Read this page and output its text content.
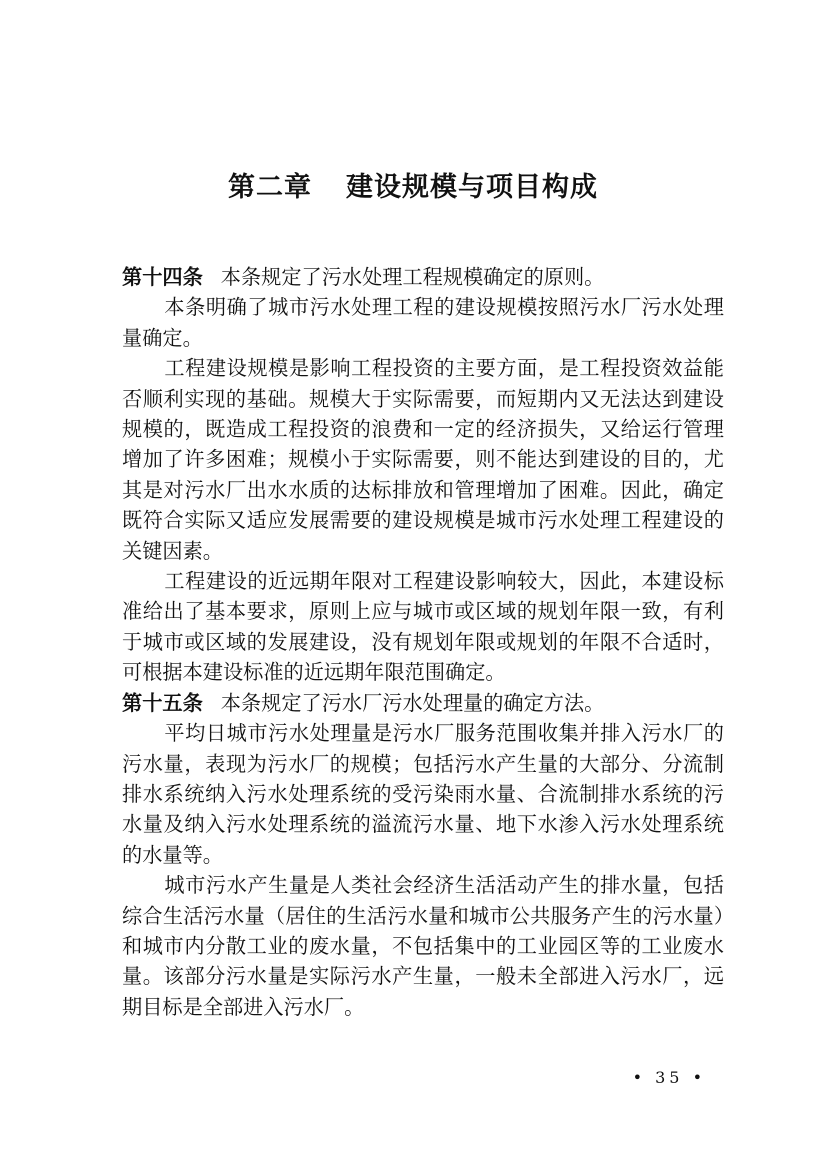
第二章 建设规模与项目构成

第十四条 本条规定了污水处理工程规模确定的原则。

本条明确了城市污水处理工程的建设规模按照污水厂污水处理量确定。

工程建设规模是影响工程投资的主要方面，是工程投资效益能否顺利实现的基础。规模大于实际需要，而短期内又无法达到建设规模的，既造成工程投资的浪费和一定的经济损失，又给运行管理增加了许多困难；规模小于实际需要，则不能达到建设的目的，尤其是对污水厂出水水质的达标排放和管理增加了困难。因此，确定既符合实际又适应发展需要的建设规模是城市污水处理工程建设的关键因素。

工程建设的近远期年限对工程建设影响较大，因此，本建设标准给出了基本要求，原则上应与城市或区域的规划年限一致，有利于城市或区域的发展建设，没有规划年限或规划的年限不合适时，可根据本建设标准的近远期年限范围确定。

第十五条 本条规定了污水厂污水处理量的确定方法。

平均日城市污水处理量是污水厂服务范围收集并排入污水厂的污水量，表现为污水厂的规模；包括污水产生量的大部分、分流制排水系统纳入污水处理系统的受污染雨水量、合流制排水系统的污水量及纳入污水处理系统的溢流污水量、地下水渗入污水处理系统的水量等。

城市污水产生量是人类社会经济生活活动产生的排水量，包括综合生活污水量（居住的生活污水量和城市公共服务产生的污水量）和城市内分散工业的废水量，不包括集中的工业园区等的工业废水量。该部分污水量是实际污水产生量，一般未全部进入污水厂，远期目标是全部进入污水厂。

• 35 •
